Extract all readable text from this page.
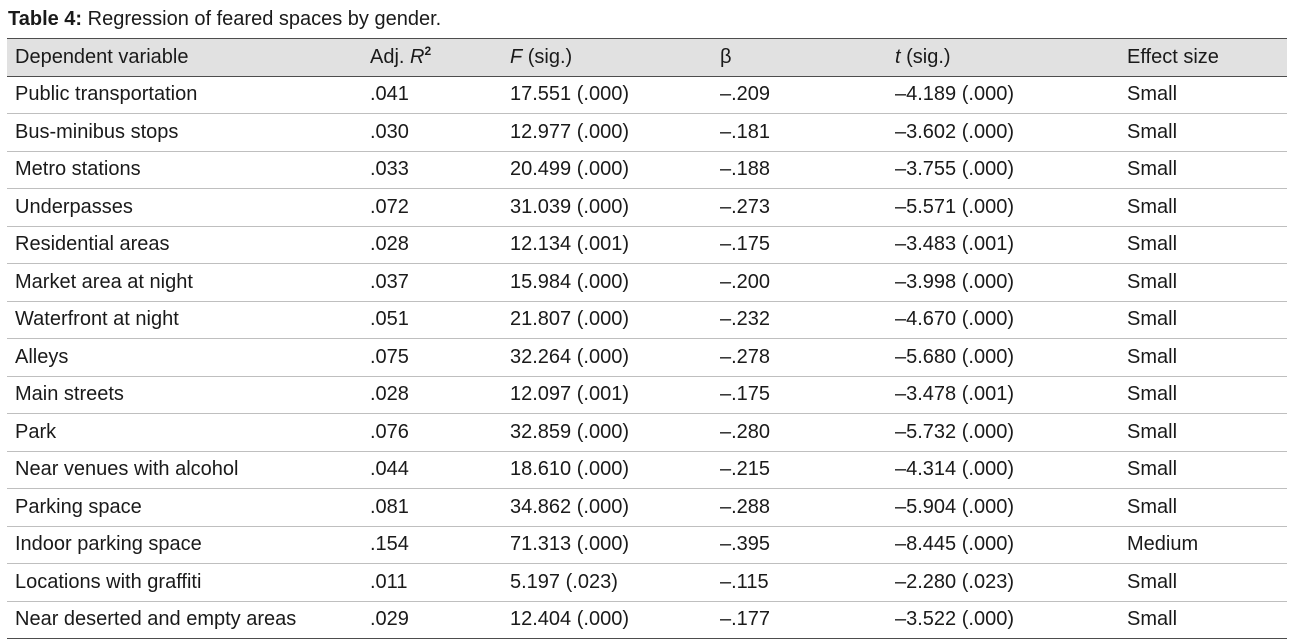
Table 4: Regression of feared spaces by gender.
Dependent variable	Adj. $R^2$	F (sig.)	β	t (sig.)	Effect size
Public transportation	.041	17.551 (.000)	–.209	–4.189 (.000)	Small
Bus-minibus stops	.030	12.977 (.000)	–.181	–3.602 (.000)	Small
Metro stations	.033	20.499 (.000)	–.188	–3.755 (.000)	Small
Underpasses	.072	31.039 (.000)	–.273	–5.571 (.000)	Small
Residential areas	.028	12.134 (.001)	–.175	–3.483 (.001)	Small
Market area at night	.037	15.984 (.000)	–.200	–3.998 (.000)	Small
Waterfront at night	.051	21.807 (.000)	–.232	–4.670 (.000)	Small
Alleys	.075	32.264 (.000)	–.278	–5.680 (.000)	Small
Main streets	.028	12.097 (.001)	–.175	–3.478 (.001)	Small
Park	.076	32.859 (.000)	–.280	–5.732 (.000)	Small
Near venues with alcohol	.044	18.610 (.000)	–.215	–4.314 (.000)	Small
Parking space	.081	34.862 (.000)	–.288	–5.904 (.000)	Small
Indoor parking space	.154	71.313 (.000)	–.395	–8.445 (.000)	Medium
Locations with graffiti	.011	5.197 (.023)	–.115	–2.280 (.023)	Small
Near deserted and empty areas	.029	12.404 (.000)	–.177	–3.522 (.000)	Small
